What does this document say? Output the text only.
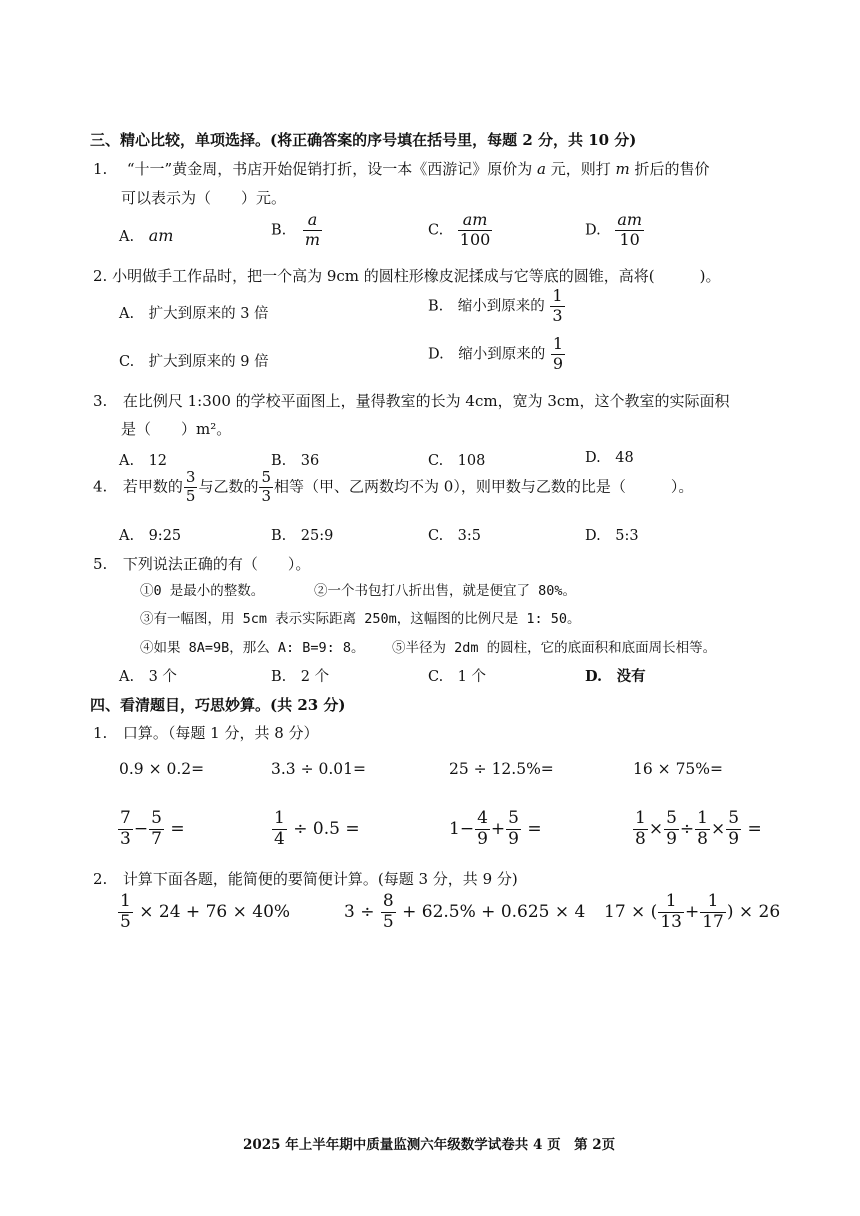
三、精心比较，单项选择。(将正确答案的序号填在括号里，每题 2 分，共 10 分)
1. “十一”黄金周，书店开始促销打折，设一本《西游记》原价为 a 元，则打 m 折后的售价
可以表示为（　　）元。
A. am	B. $\frac{a}{m}$	C. $\frac{am}{100}$	D. $\frac{am}{10}$
2. 小明做手工作品时，把一个高为 9cm 的圆柱形橡皮泥揉成与它等底的圆锥，高将(　　　)。
A.　扩大到原来的 3 倍	B.　缩小到原来的 $\frac{1}{3}$
C.　扩大到原来的 9 倍	D.　缩小到原来的 $\frac{1}{9}$
3. 在比例尺 1:300 的学校平面图上，量得教室的长为 4cm，宽为 3cm，这个教室的实际面积
是（　　）m²。
A.　12	B.　36	C.　108	D.　48
4. 若甲数的 $\frac{3}{5}$ 与乙数的 $\frac{5}{3}$ 相等（甲、乙两数均不为 0），则甲数与乙数的比是（　　　）。
A.　9:25	B.　25:9	C.　3:5	D.　5:3
5. 下列说法正确的有（　　）。
①0 是最小的整数。	②一个书包打八折出售，就是便宜了 80%。
③有一幅图，用 5cm 表示实际距离 250m，这幅图的比例尺是 1: 50。
④如果 8A=9B，那么 A: B=9: 8。 ⑤半径为 2dm 的圆柱，它的底面积和底面周长相等。
A.　3 个	B.　2 个	C.　1 个	D.　没有
四、看清题目，巧思妙算。(共 23 分)
1. 口算。（每题 1 分，共 8 分）
0.9 × 0.2=	3.3 ÷ 0.01=	25 ÷ 12.5%=	16 × 75%=
$\frac{7}{3} - \frac{5}{7}$ =	$\frac{1}{4} \div 0.5$ =	$1- \frac{4}{9} + \frac{5}{9}$ =	$\frac{1}{8} \times \frac{5}{9} \div \frac{1}{8} \times \frac{5}{9}$ =
2. 计算下面各题，能简便的要简便计算。(每题 3 分，共 9 分)
$\frac{1}{5} \times 24 + 76 \times 40\%$	$3 \div \frac{8}{5} + 62.5\% + 0.625 \times 4$ 17 × ( $\frac{1}{13} + \frac{1}{17}$ ) × 26
2025 年上半年期中质量监测六年级数学试卷共 4 页　第 2页
